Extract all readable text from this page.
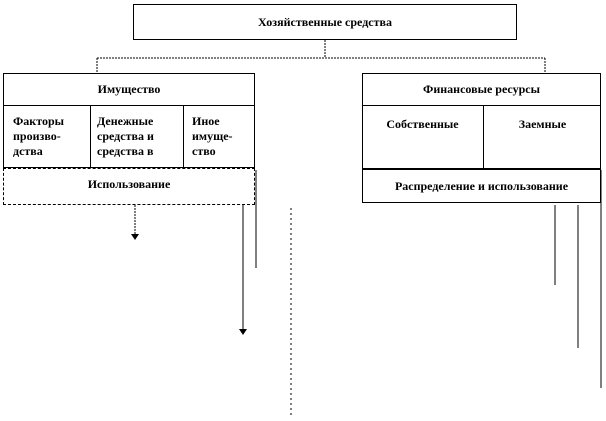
Хозяйственные средства
Имущество
Факторы произво-дства
Денежные средства и средства в
Иное имуще-ство
Использование
Финансовые ресурсы
Собственные	Заемные
Распределение и использование
